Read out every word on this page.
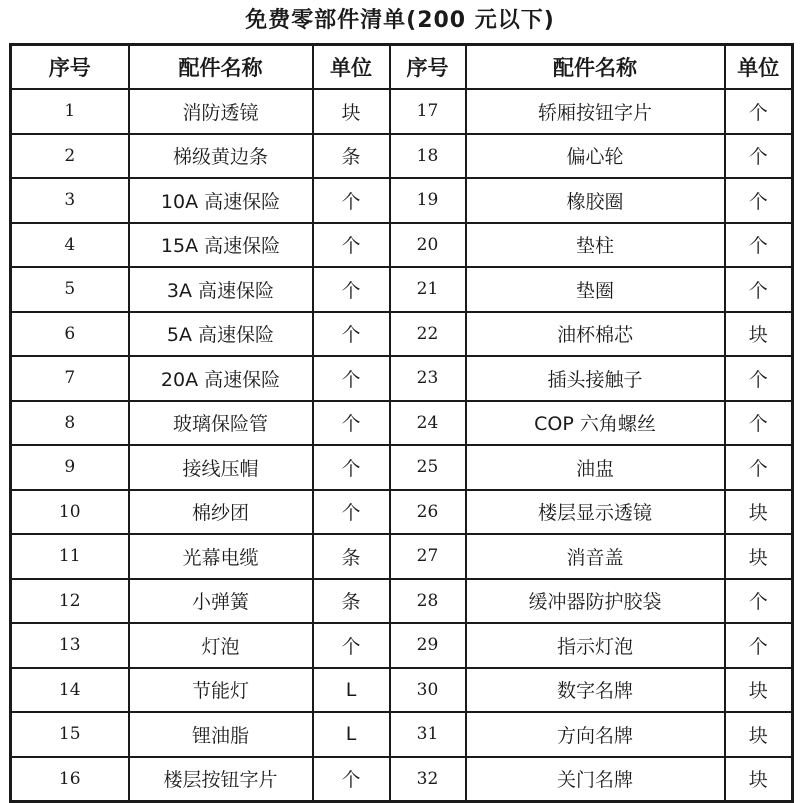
免费零部件清单(200 元以下)
序号	配件名称	单位	序号	配件名称	单位
1	消防透镜	块	17	轿厢按钮字片	个
2	梯级黄边条	条	18	偏心轮	个
3	10A 高速保险	个	19	橡胶圈	个
4	15A 高速保险	个	20	垫柱	个
5	3A 高速保险	个	21	垫圈	个
6	5A 高速保险	个	22	油杯棉芯	块
7	20A 高速保险	个	23	插头接触子	个
8	玻璃保险管	个	24	COP 六角螺丝	个
9	接线压帽	个	25	油盅	个
10	棉纱团	个	26	楼层显示透镜	块
11	光幕电缆	条	27	消音盖	块
12	小弹簧	条	28	缓冲器防护胶袋	个
13	灯泡	个	29	指示灯泡	个
14	节能灯	L	30	数字名牌	块
15	锂油脂	L	31	方向名牌	块
16	楼层按钮字片	个	32	关门名牌	块
